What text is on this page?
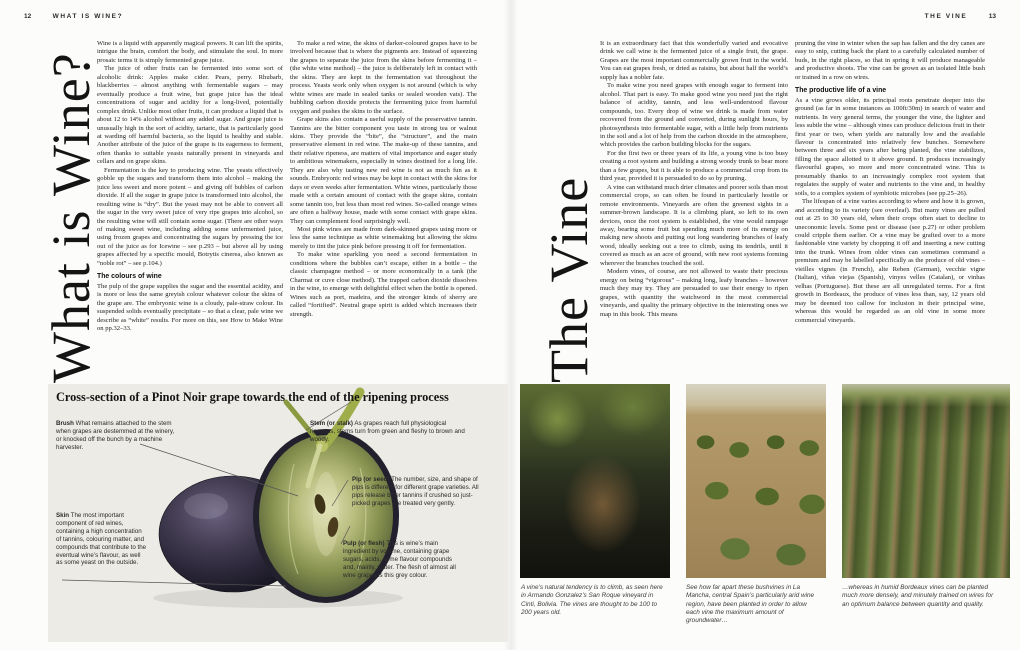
12	WHAT IS WINE?	THE VINE	13
What is Wine?	The Vine

Wine is a liquid with apparently magical powers. It can lift the spirits, intrigue the brain, comfort the body, and stimulate the soul. In more prosaic terms it is simply fermented grape juice.

The juice of other fruits can be fermented into some sort of alcoholic drink: Apples make cider. Pears, perry. Rhubarb, blackberries – almost anything with fermentable sugars – may eventually produce a fruit wine, but grape juice has the ideal concentrations of sugar and acidity for a long-lived, potentially complex drink. Unlike most other fruits, it can produce a liquid that is about 12 to 14% alcohol without any added sugar. And grape juice is unusually high in the sort of acidity, tartaric, that is particularly good at warding off harmful bacteria, so the liquid is healthy and stable. Another attribute of the juice of the grape is its eagerness to ferment, often thanks to suitable yeasts naturally present in vineyards and cellars and on grape skins.

Fermentation is the key to producing wine. The yeasts effectively gobble up the sugars and transform them into alcohol – making the juice less sweet and more potent – and giving off bubbles of carbon dioxide. If all the sugar in grape juice is transformed into alcohol, the resulting wine is “dry”. But the yeast may not be able to convert all the sugar in the very sweet juice of very ripe grapes into alcohol, so the resulting wine will still contain some sugar. (There are other ways of making sweet wine, including adding some unfermented juice, using frozen grapes and concentrating the sugars by pressing the ice out of the juice as for Icewine – see p.293 – but above all by using grapes affected by a specific mould, Botrytis cinerea, also known as “noble rot” – see p.104.)

The colours of wine

The pulp of the grape supplies the sugar and the essential acidity, and is more or less the same greyish colour whatever colour the skins of the grape are. The embryonic wine is a cloudy, pale-straw colour. Its suspended solids eventually precipitate – so that a clear, pale wine we describe as “white” results. For more on this, see How to Make Wine on pp.32–33.

To make a red wine, the skins of darker-coloured grapes have to be involved because that is where the pigments are. Instead of squeezing the grapes to separate the juice from the skins before fermenting it – (the white wine method) – the juice is deliberately left in contact with the skins. They are kept in the fermentation vat throughout the process. Yeasts work only when oxygen is not around (which is why white wines are made in sealed tanks or sealed wooden vats). The bubbling carbon dioxide protects the fermenting juice from harmful oxygen and pushes the skins to the surface.

Grape skins also contain a useful supply of the preservative tannin. Tannins are the bitter component you taste in strong tea or walnut skins. They provide the “bite”, the “structure”, and the main preservative element in red wine. The make-up of these tannins, and their relative ripeness, are matters of vital importance and eager study to ambitious winemakers, especially in wines destined for a long life. They are also why tasting new red wine is not as much fun as it sounds. Embryonic red wines may be kept in contact with the skins for days or even weeks after fermentation. White wines, particularly those made with a certain amount of contact with the grape skins, contain some tannin too, but less than most red wines. So-called orange wines are often a halfway house, made with some contact with grape skins. They can complement food surprisingly well.

Most pink wines are made from dark-skinned grapes using more or less the same technique as white winemaking but allowing the skins merely to tint the juice pink before pressing it off for fermentation.

To make wine sparkling you need a second fermentation in conditions where the bubbles can’t escape, either in a bottle – the classic champagne method – or more economically in a tank (the Charmat or cuve close method). The trapped carbon dioxide dissolves in the wine, to emerge with delightful effect when the bottle is opened. Wines such as port, madeira, and the stronger kinds of sherry are called “fortified”. Neutral grape spirit is added which increases their strength.

It is an extraordinary fact that this wonderfully varied and evocative drink we call wine is the fermented juice of a single fruit, the grape. Grapes are the most important commercially grown fruit in the world. You can eat grapes fresh, or dried as raisins, but about half the world’s supply has a nobler fate.

To make wine you need grapes with enough sugar to ferment into alcohol. That part is easy. To make good wine you need just the right balance of acidity, tannin, and less well-understood flavour compounds, too. Every drop of wine we drink is made from water recovered from the ground and converted, during sunlight hours, by photosynthesis into fermentable sugar, with a little help from nutrients in the soil and a lot of help from the carbon dioxide in the atmosphere, which provides the carbon building blocks for the sugars.

For the first two or three years of its life, a young vine is too busy creating a root system and building a strong woody trunk to bear more than a few grapes, but it is able to produce a commercial crop from its third year, provided it is persuaded to do so by pruning.

A vine can withstand much drier climates and poorer soils than most commercial crops, so can often be found in particularly hostile or remote environments. Vineyards are often the greenest sights in a summer-brown landscape. It is a climbing plant, so left to its own devices, once the root system is established, the vine would rampage away, bearing some fruit but spending much more of its energy on making new shoots and putting out long wandering branches of leafy wood, ideally seeking out a tree to climb, using its tendrils, until it covered as much as an acre of ground, with new root systems forming wherever the branches touched the soil.

Modern vines, of course, are not allowed to waste their precious energy on being “vigorous” – making long, leafy branches – however much they may try. They are persuaded to use their energy to ripen grapes, with quantity the watchword in the most commercial vineyards, and quality the primary objective in the interesting ones we map in this book. This means

pruning the vine in winter when the sap has fallen and the dry canes are easy to snip, cutting back the plant to a carefully calculated number of buds, in the right places, so that in spring it will produce manageable and productive shoots. The vine can be grown as an isolated little bush or trained in a row on wires.

The productive life of a vine

As a vine grows older, its principal roots penetrate deeper into the ground (as far in some instances as 100ft/30m) in search of water and nutrients. In very general terms, the younger the vine, the lighter and less subtle the wine – although vines can produce delicious fruit in their first year or two, when yields are naturally low and the available flavour is concentrated into relatively few bunches. Somewhere between three and six years after being planted, the vine stabilizes, filling the space allotted to it above ground. It produces increasingly flavourful grapes, so more and more concentrated wine. This is presumably thanks to an increasingly complex root system that regulates the supply of water and nutrients to the vine and, in healthy soils, to a complex system of symbiotic microbes (see pp.25–26).

The lifespan of a vine varies according to where and how it is grown, and according to its variety (see overleaf). But many vines are pulled out at 25 to 30 years old, when their crops often start to decline to uneconomic levels. Some pest or disease (see p.27) or other problem could cripple them earlier. Or a vine may be grafted over to a more fashionable vine variety by chopping it off and inserting a new cutting into the trunk. Wines from older vines can sometimes command a premium and may be labelled specifically as the produce of old vines – vieilles vignes (in French), alte Reben (German), vecchie vigne (Italian), viñas viejas (Spanish), vinyes velles (Catalan), or vinhas velhas (Portuguese). But these are all unregulated terms. For a first growth in Bordeaux, the produce of vines less than, say, 12 years old may be deemed too callow for inclusion in their principal wine, whereas this would be regarded as an old vine in some more commercial vineyards.

Cross-section of a Pinot Noir grape towards the end of the ripening process
Brush What remains attached to the stem when grapes are destemmed at the winery, or knocked off the bunch by a machine harvester.
Stem (or stalk) As grapes reach full physiological ripeness, stems turn from green and fleshy to brown and woody.
Pip (or seed) The number, size, and shape of pips is different for different grape varieties. All pips release bitter tannins if crushed so just-picked grapes are treated very gently.
Pulp (or flesh) This is wine’s main ingredient by volume, containing grape sugars, acids, some flavour compounds and, mainly, water. The flesh of almost all wine grapes is this grey colour.
Skin The most important component of red wines, containing a high concentration of tannins, colouring matter, and compounds that contribute to the eventual wine’s flavour, as well as some yeast on the outside.
A vine’s natural tendency is to climb, as seen here in Armando Gonzalez’s San Roque vineyard in Cinti, Bolivia. The vines are thought to be 100 to 200 years old.
See how far apart these bushvines in La Mancha, central Spain’s particularly arid wine region, have been planted in order to allow each vine the maximum amount of groundwater…
…whereas in humid Bordeaux vines can be planted much more densely, and minutely trained on wires for an optimum balance between quantity and quality.
